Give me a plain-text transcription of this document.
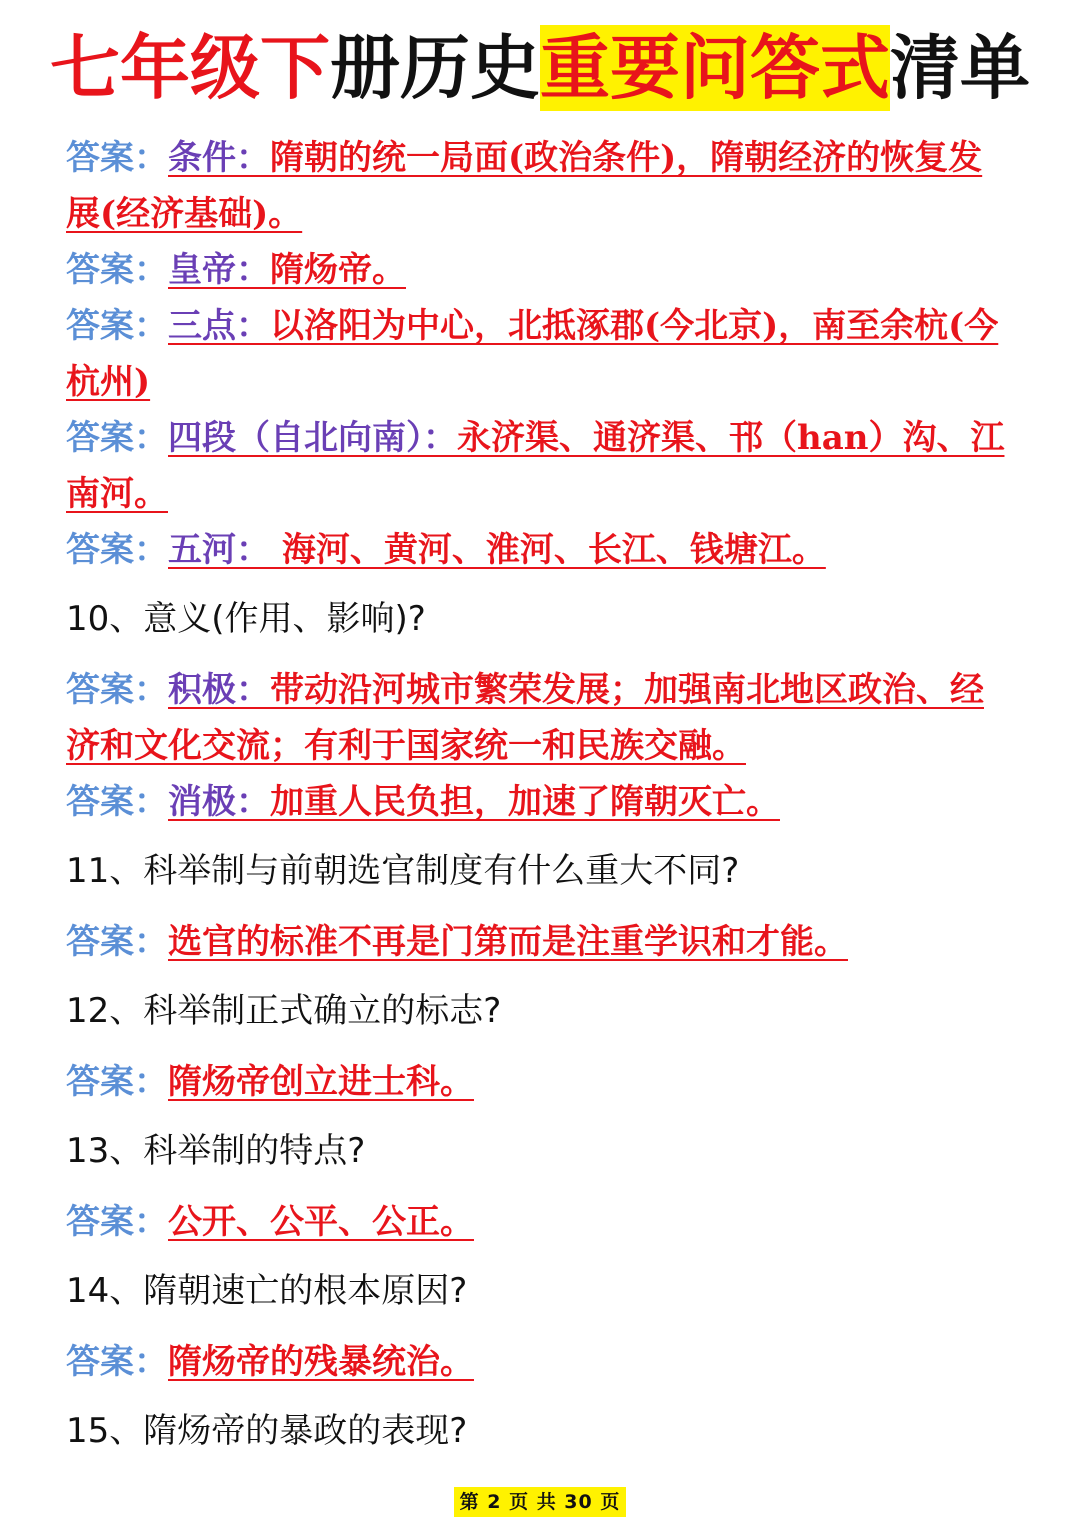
七年级下册历史重要问答式清单

答案：条件：隋朝的统一局面(政治条件)，隋朝经济的恢复发展(经济基础)。

答案：皇帝：隋炀帝。

答案：三点：以洛阳为中心，北抵涿郡(今北京)，南至余杭(今杭州)

答案：四段（自北向南）：永济渠、通济渠、邗（han）沟、江南河。

答案：五河： 海河、黄河、淮河、长江、钱塘江。

10、意义(作用、影响)?

答案：积极：带动沿河城市繁荣发展；加强南北地区政治、经济和文化交流；有利于国家统一和民族交融。

答案：消极：加重人民负担，加速了隋朝灭亡。

11、科举制与前朝选官制度有什么重大不同?

答案：选官的标准不再是门第而是注重学识和才能。

12、科举制正式确立的标志?

答案：隋炀帝创立进士科。

13、科举制的特点?

答案：公开、公平、公正。

14、隋朝速亡的根本原因?

答案：隋炀帝的残暴统治。

15、隋炀帝的暴政的表现?

第 2 页 共 30 页
